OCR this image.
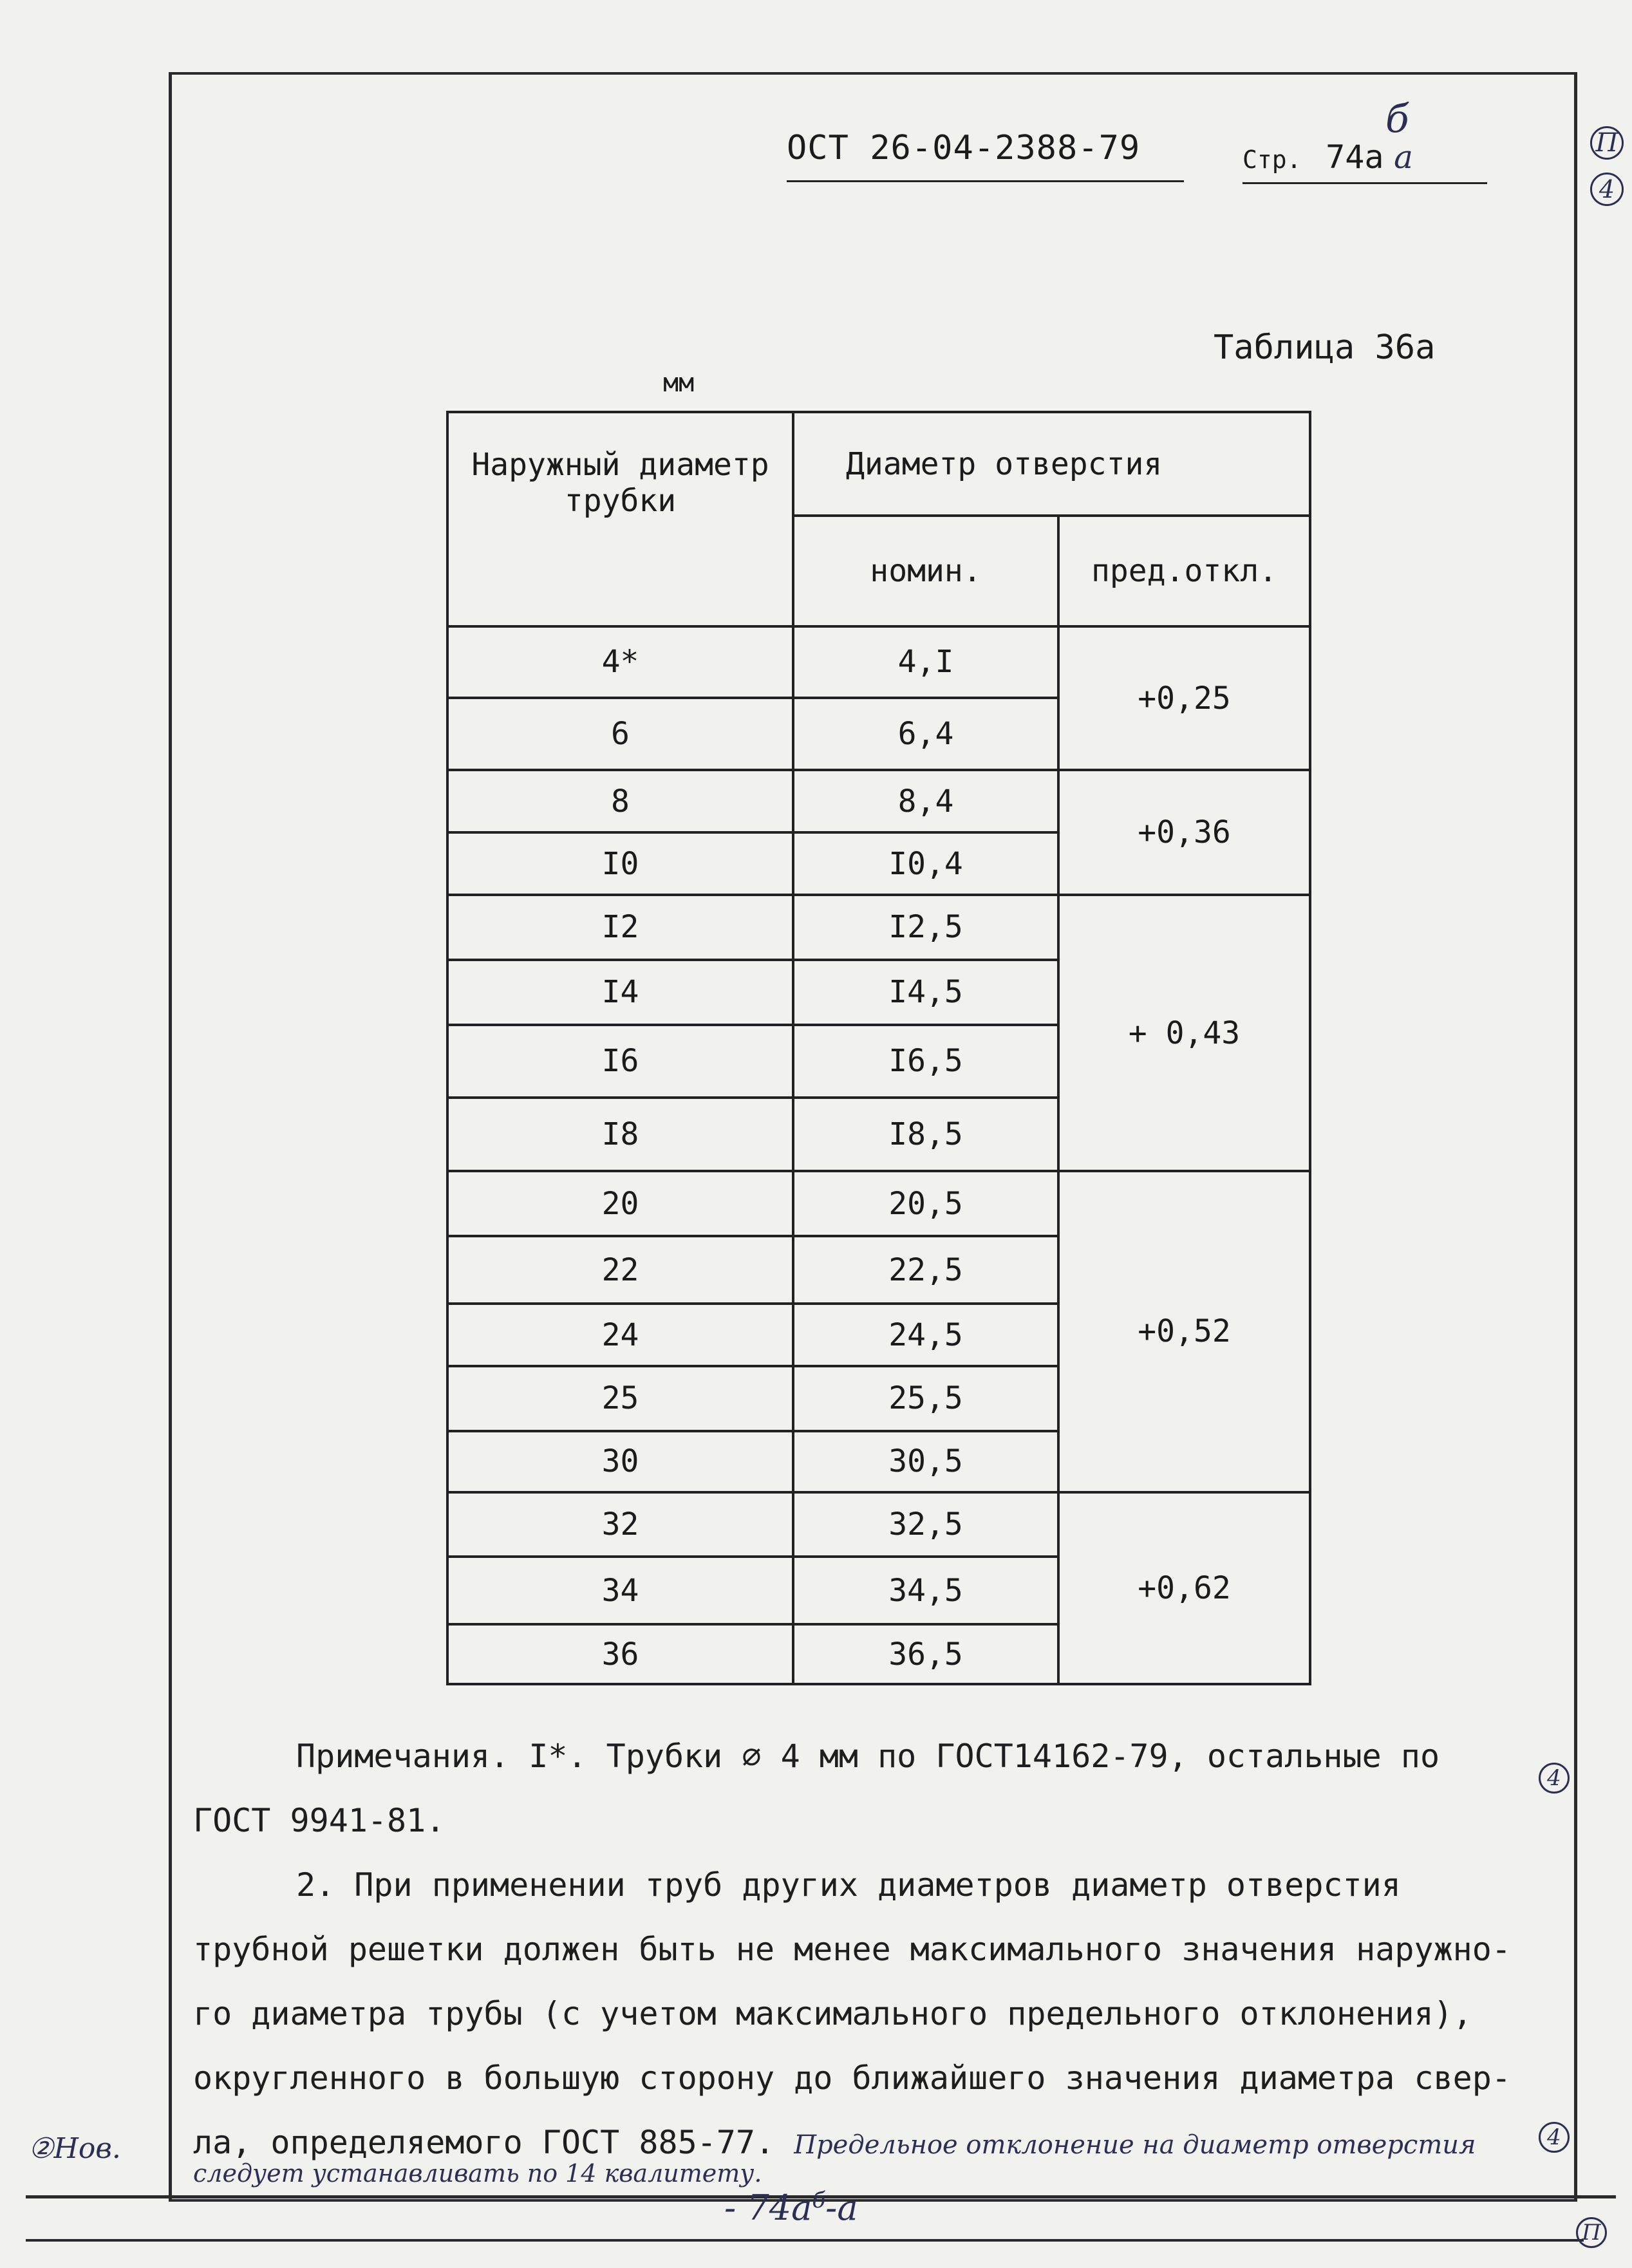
ОСТ 26-04-2388-79	Стр. 74а а
б
П
4
Таблица 36а
мм
Наружный диаметр трубки	Диаметр отверстия	
	номин.	пред.откл.
4*	4,I	+0,25
6	6,4	
8	8,4	+0,36
I0	I0,4	
I2	I2,5	+ 0,43
I4	I4,5	
I6	I6,5	
I8	I8,5	
20	20,5	+0,52
22	22,5	
24	24,5	
25	25,5	
30	30,5	
32	32,5	+0,62
34	34,5	
36	36,5	
Примечания. I*. Трубки ⌀ 4 мм по ГОСТ14162-79, остальные по
ГОСТ 9941-81.
2. При применении труб других диаметров диаметр отверстия
трубной решетки должен быть не менее максимального значения наружно-
го диаметра трубы (с учетом максимального предельного отклонения),
округленного в большую сторону до ближайшего значения диаметра свер-
ла, определяемого ГОСТ 885-77. Предельное отклонение на диаметр отверстия
следует устанавливать по 14 квалитету.
②Нов.
4
4
П
- $74а^б-а$
